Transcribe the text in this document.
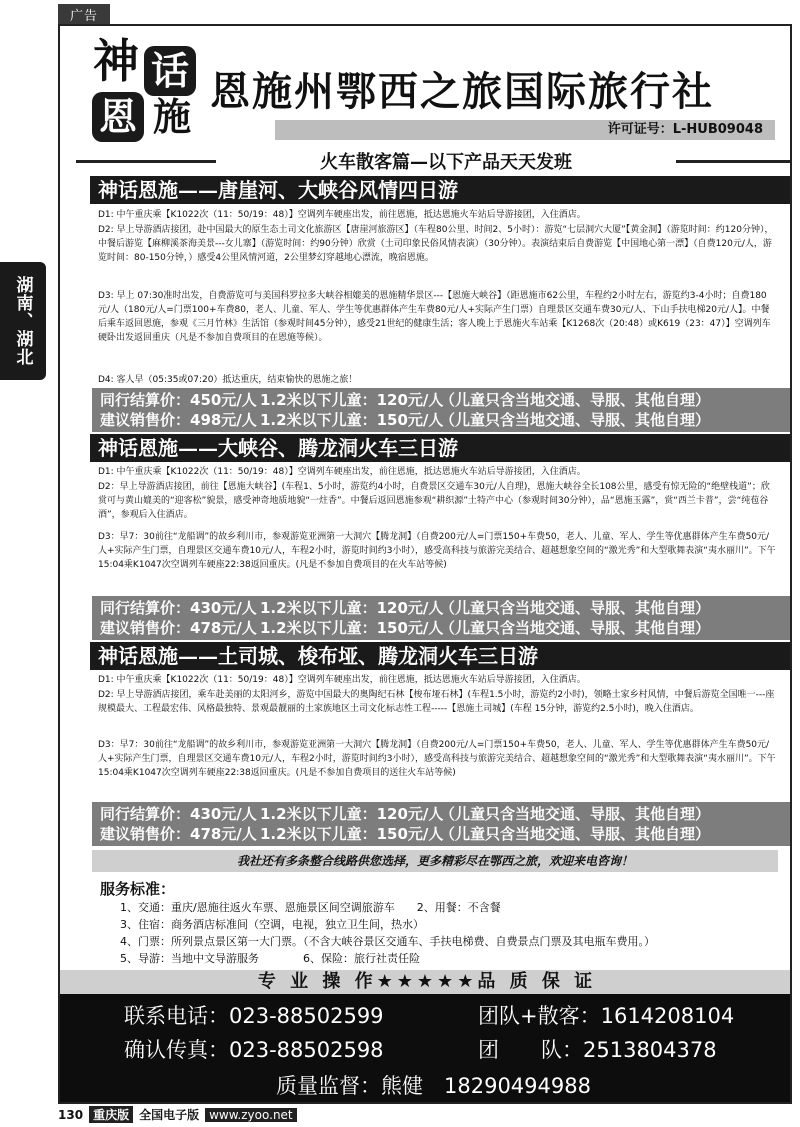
广告
湖南、湖北
神 话
恩 施
恩施州鄂西之旅国际旅行社
许可证号：L-HUB09048
火车散客篇—以下产品天天发班
神话恩施——唐崖河、大峡谷风情四日游
D1: 中午重庆乘【K1022次（11：50/19：48）】空调列车硬座出发，前往恩施，抵达恩施火车站后导游接团，入住酒店。
D2: 早上导游酒店接团，赴中国最大的原生态土司文化旅游区【唐崖河旅游区】（车程80公里、时间2、5小时）：游览“七层洞穴大厦”【黄金洞】（游览时间：约120分钟），中餐后游览【麻柳溪茶海美景---女儿寨】（游览时间：约90分钟）欣赏（土司印象民俗风情表演）（30分钟）。表演结束后自费游览【中国地心第一漂】（自费120元/人，游览时间：80-150分钟，）感受4公里风情河道，2公里梦幻穿越地心漂流，晚宿恩施。
D3: 早上 07:30准时出发，自费游览可与美国科罗拉多大峡谷相媲美的恩施精华景区---【恩施大峡谷】（距恩施市62公里，车程约2小时左右，游览约3-4小时；自费180元/人（180元/人=门票100+车费80，老人、儿童、军人、学生等优惠群体产生车费80元/人+实际产生门票）自理景区交通车费30元/人、下山手扶电梯20元/人】。中餐后乘车返回恩施，参观《三月竹林》生活馆（参观时间45分钟），感受21世纪的健康生活；客人晚上于恩施火车站乘【K1268次（20:48）或K619（23：47）】空调列车硬卧出发返回重庆（凡是不参加自费项目的在恩施等候）。
D4: 客人早（05:35或07:20）抵达重庆，结束愉快的恩施之旅！
同行结算价：450元/人 1.2米以下儿童：120元/人
（儿童只含当地交通、导服、其他自理）
建议销售价：498元/人 1.2米以下儿童：150元/人
（儿童只含当地交通、导服、其他自理）
神话恩施——大峡谷、腾龙洞火车三日游
D1: 中午重庆乘【K1022次（11：50/19：48）】空调列车硬座出发，前往恩施，抵达恩施火车站后导游接团，入住酒店。
D2：早上导游酒店接团，前往【恩施大峡谷】(车程1、5小时，游览约4小时，自费景区交通车30元/人自理)，恩施大峡谷全长108公里，感受有惊无险的“绝壁栈道”；欣赏可与黄山媲美的“迎客松”貌景，感受神奇地质地貌“一炷香”。中餐后返回恩施参观“耕织源”土特产中心（参观时间30分钟），品“恩施玉露”，赏“西兰卡普”，尝“纯苞谷酒”，参观后入住酒店。
D3：早7：30前往“龙船调”的故乡利川市，参观游览亚洲第一大洞穴【腾龙洞】（自费200元/人=门票150+车费50，老人、儿童、军人、学生等优惠群体产生车费50元/人+实际产生门票，自理景区交通车费10元/人，车程2小时，游览时间约3小时），感受高科技与旅游完美结合、超越想象空间的“激光秀”和大型歌舞表演“夷水丽川”。下午15:04乘K1047次空调列车硬座22:38返回重庆。(凡是不参加自费项目的在火车站等候)
同行结算价：430元/人 1.2米以下儿童：120元/人
（儿童只含当地交通、导服、其他自理）
建议销售价：478元/人 1.2米以下儿童：150元/人
（儿童只含当地交通、导服、其他自理）
神话恩施——土司城、梭布垭、腾龙洞火车三日游
D1: 中午重庆乘【K1022次（11：50/19：48）】空调列车硬座出发，前往恩施，抵达恩施火车站后导游接团，入住酒店。
D2: 早上导游酒店接团，乘车赴美丽的太阳河乡，游览中国最大的奥陶纪石林【梭布垭石林】(车程1.5小时，游览约2小时)，领略土家乡村风情，中餐后游览全国唯一---座规模最大、工程最宏伟、风格最独特、景观最靓丽的土家族地区土司文化标志性工程-----【恩施土司城】(车程 15分钟，游览约2.5小时)，晚入住酒店。
D3：早7：30前往“龙船调”的故乡利川市，参观游览亚洲第一大洞穴【腾龙洞】（自费200元/人=门票150+车费50，老人、儿童、军人、学生等优惠群体产生车费50元/人+实际产生门票，自理景区交通车费10元/人，车程2小时，游览时间约3小时），感受高科技与旅游完美结合、超越想象空间的“激光秀”和大型歌舞表演“夷水丽川”。下午15:04乘K1047次空调列车硬座22:38返回重庆。(凡是不参加自费项目的送往火车站等候)
同行结算价：430元/人 1.2米以下儿童：120元/人
（儿童只含当地交通、导服、其他自理）
建议销售价：478元/人 1.2米以下儿童：150元/人
（儿童只含当地交通、导服、其他自理）
我社还有多条整合线路供您选择，更多精彩尽在鄂西之旅，欢迎来电咨询！
服务标准：
1、交通：重庆/恩施往返火车票、恩施景区间空调旅游车　　2、用餐：不含餐
3、住宿：商务酒店标准间（空调，电视，独立卫生间，热水）
4、门票：所列景点景区第一大门票。（不含大峡谷景区交通车、手扶电梯费、自费景点门票及其电瓶车费用。）
5、导游：当地中文导游服务　　　　6、保险：旅行社责任险
专 业 操 作★★★★★品 质 保 证
联系电话：023-88502599	团队+散客：1614208104
确认传真：023-88502598	团　　队：2513804378
质量监督：熊健　18290494988
130 重庆版 全国电子版 www.zyoo.net
